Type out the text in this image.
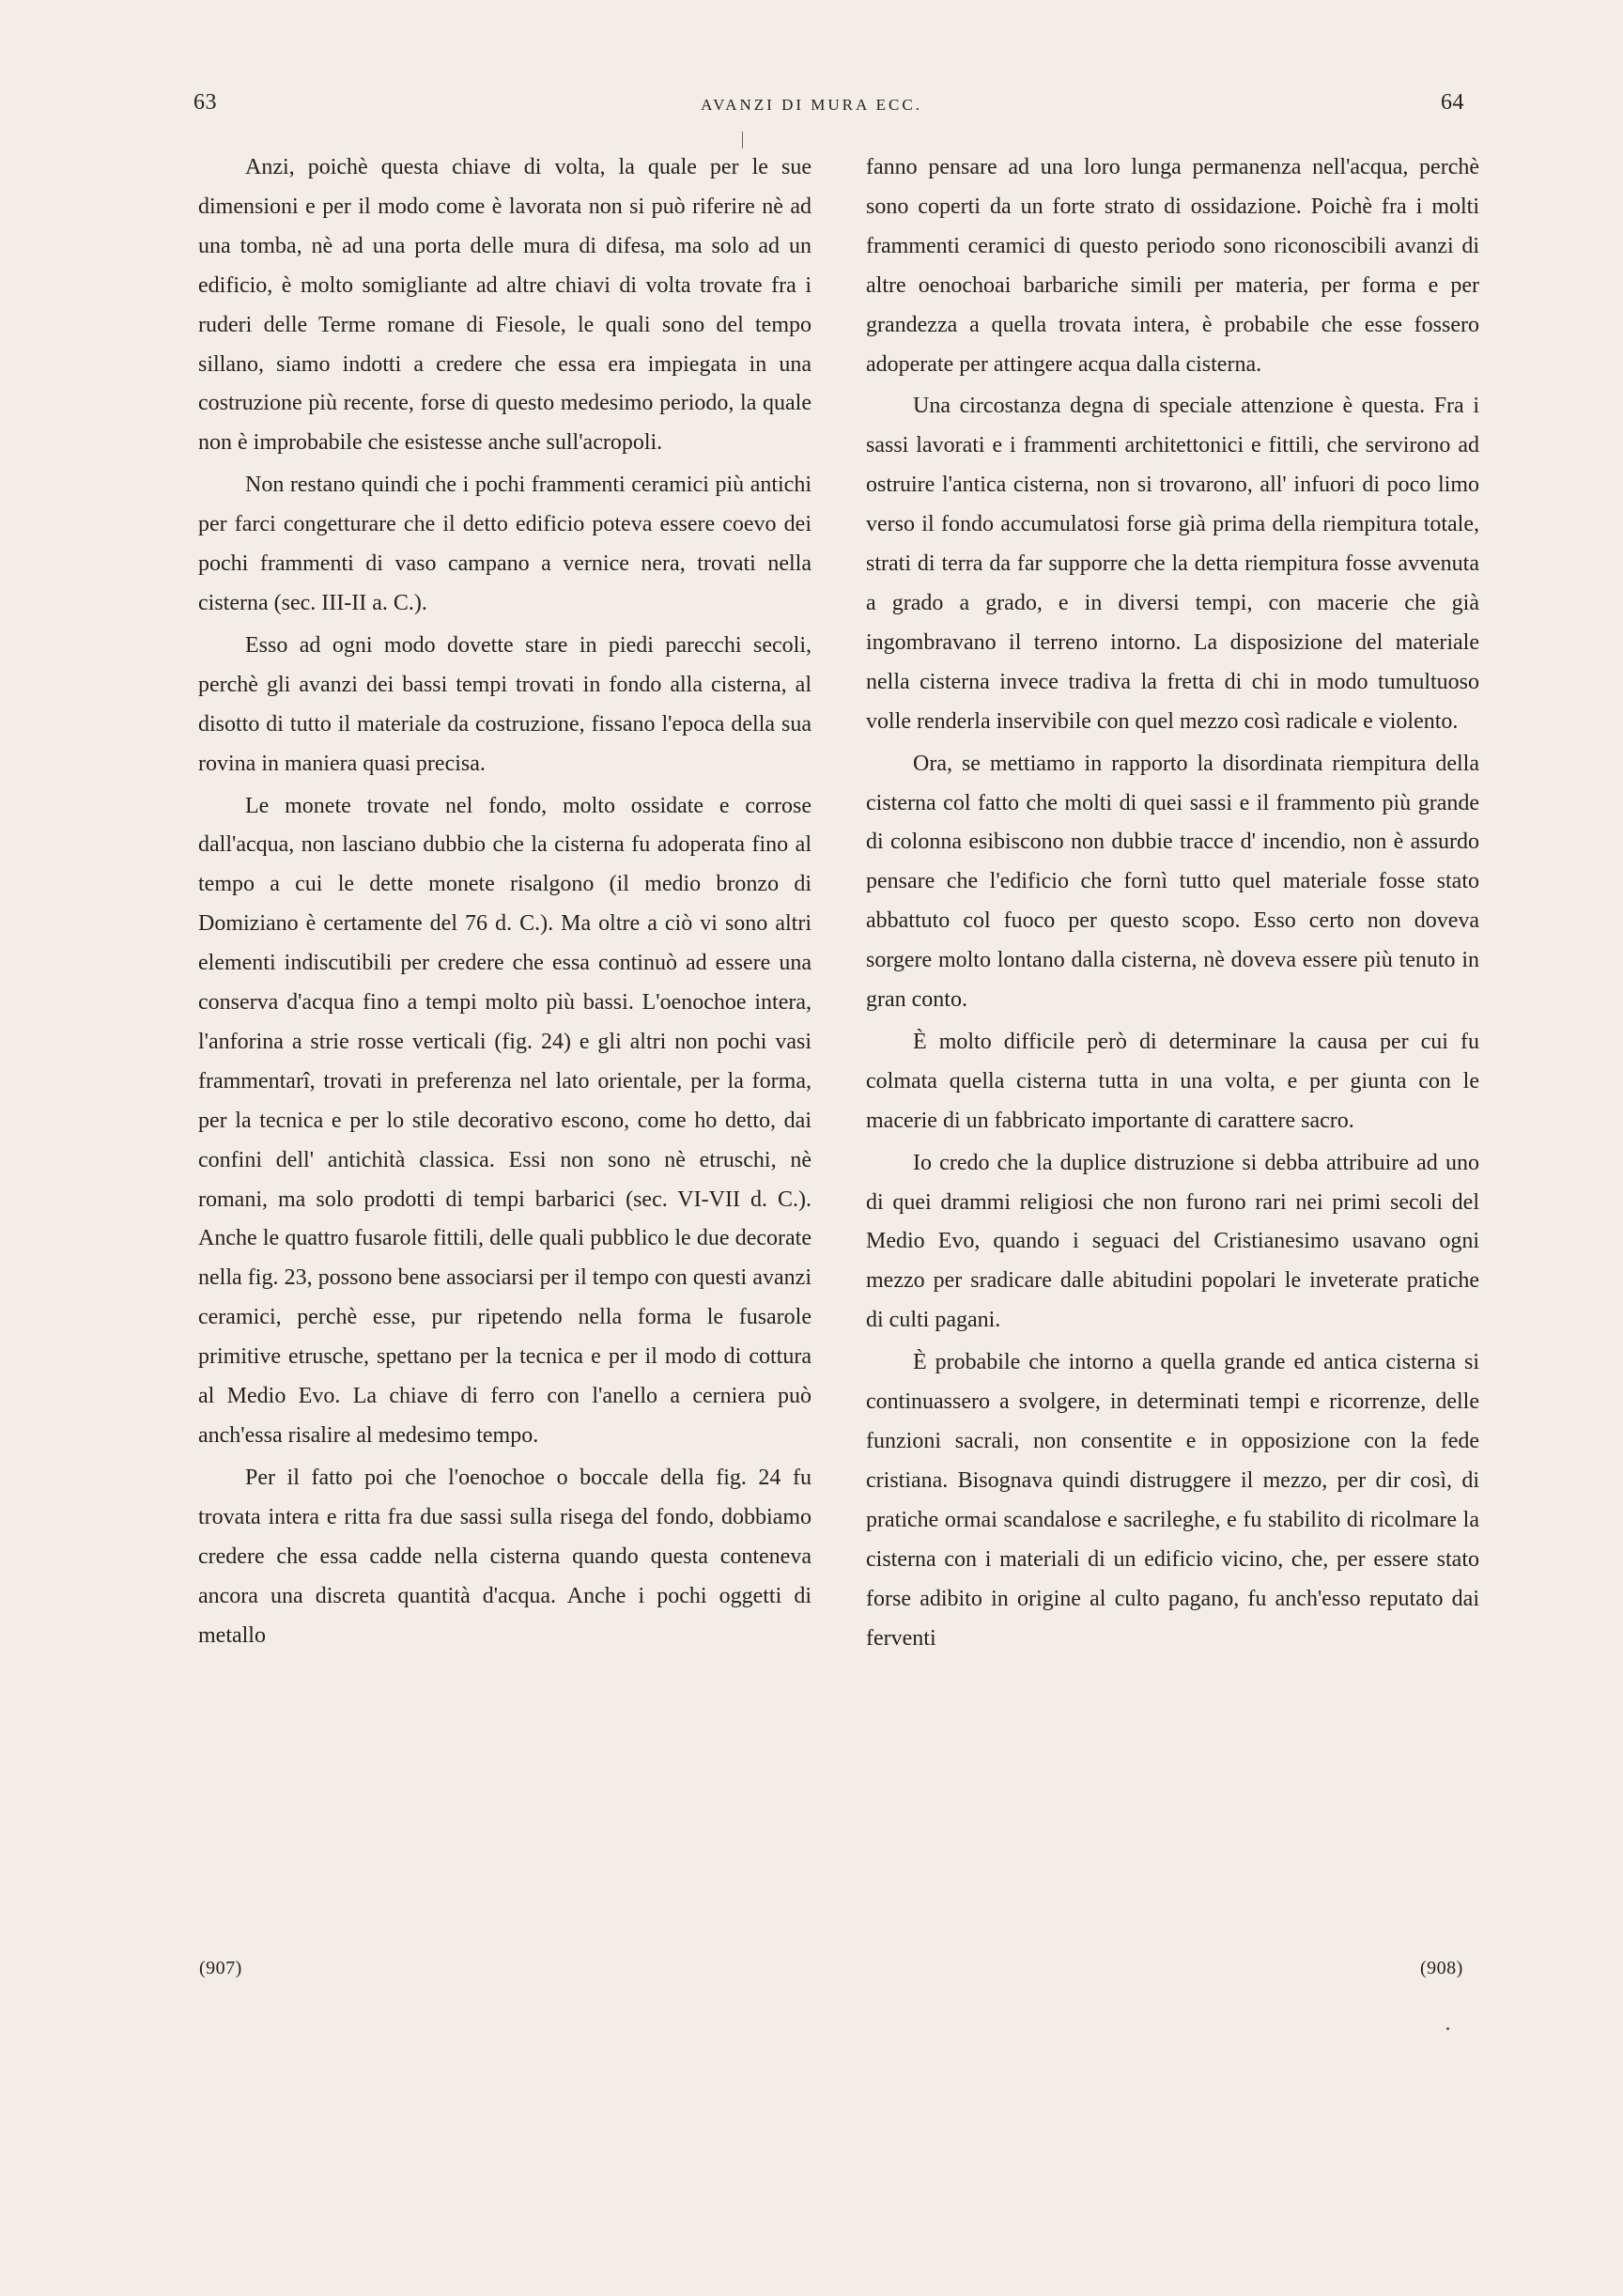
63	AVANZI DI MURA ECC.	64

Anzi, poichè questa chiave di volta, la quale per le sue dimensioni e per il modo come è lavorata non si può riferire nè ad una tomba, nè ad una porta delle mura di difesa, ma solo ad un edificio, è molto somigliante ad altre chiavi di volta trovate fra i ruderi delle Terme romane di Fiesole, le quali sono del tempo sillano, siamo indotti a credere che essa era impiegata in una costruzione più recente, forse di questo medesimo periodo, la quale non è improbabile che esistesse anche sull'acropoli.

Non restano quindi che i pochi frammenti ceramici più antichi per farci congetturare che il detto edificio poteva essere coevo dei pochi frammenti di vaso campano a vernice nera, trovati nella cisterna (sec. III-II a. C.).

Esso ad ogni modo dovette stare in piedi parecchi secoli, perchè gli avanzi dei bassi tempi trovati in fondo alla cisterna, al disotto di tutto il materiale da costruzione, fissano l'epoca della sua rovina in maniera quasi precisa.

Le monete trovate nel fondo, molto ossidate e corrose dall'acqua, non lasciano dubbio che la cisterna fu adoperata fino al tempo a cui le dette monete risalgono (il medio bronzo di Domiziano è certamente del 76 d. C.). Ma oltre a ciò vi sono altri elementi indiscutibili per credere che essa continuò ad essere una conserva d'acqua fino a tempi molto più bassi. L'oenochoe intera, l'anforina a strie rosse verticali (fig. 24) e gli altri non pochi vasi frammentarî, trovati in preferenza nel lato orientale, per la forma, per la tecnica e per lo stile decorativo escono, come ho detto, dai confini dell' antichità classica. Essi non sono nè etruschi, nè romani, ma solo prodotti di tempi barbarici (sec. VI-VII d. C.). Anche le quattro fusarole fittili, delle quali pubblico le due decorate nella fig. 23, possono bene associarsi per il tempo con questi avanzi ceramici, perchè esse, pur ripetendo nella forma le fusarole primitive etrusche, spettano per la tecnica e per il modo di cottura al Medio Evo. La chiave di ferro con l'anello a cerniera può anch'essa risalire al medesimo tempo.

Per il fatto poi che l'oenochoe o boccale della fig. 24 fu trovata intera e ritta fra due sassi sulla risega del fondo, dobbiamo credere che essa cadde nella cisterna quando questa conteneva ancora una discreta quantità d'acqua. Anche i pochi oggetti di metallo

fanno pensare ad una loro lunga permanenza nell'acqua, perchè sono coperti da un forte strato di ossidazione. Poichè fra i molti frammenti ceramici di questo periodo sono riconoscibili avanzi di altre oenochoai barbariche simili per materia, per forma e per grandezza a quella trovata intera, è probabile che esse fossero adoperate per attingere acqua dalla cisterna.

Una circostanza degna di speciale attenzione è questa. Fra i sassi lavorati e i frammenti architettonici e fittili, che servirono ad ostruire l'antica cisterna, non si trovarono, all' infuori di poco limo verso il fondo accumulatosi forse già prima della riempitura totale, strati di terra da far supporre che la detta riempitura fosse avvenuta a grado a grado, e in diversi tempi, con macerie che già ingombravano il terreno intorno. La disposizione del materiale nella cisterna invece tradiva la fretta di chi in modo tumultuoso volle renderla inservibile con quel mezzo così radicale e violento.

Ora, se mettiamo in rapporto la disordinata riempitura della cisterna col fatto che molti di quei sassi e il frammento più grande di colonna esibiscono non dubbie tracce d' incendio, non è assurdo pensare che l'edificio che fornì tutto quel materiale fosse stato abbattuto col fuoco per questo scopo. Esso certo non doveva sorgere molto lontano dalla cisterna, nè doveva essere più tenuto in gran conto.

È molto difficile però di determinare la causa per cui fu colmata quella cisterna tutta in una volta, e per giunta con le macerie di un fabbricato importante di carattere sacro.

Io credo che la duplice distruzione si debba attribuire ad uno di quei drammi religiosi che non furono rari nei primi secoli del Medio Evo, quando i seguaci del Cristianesimo usavano ogni mezzo per sradicare dalle abitudini popolari le inveterate pratiche di culti pagani.

È probabile che intorno a quella grande ed antica cisterna si continuassero a svolgere, in determinati tempi e ricorrenze, delle funzioni sacrali, non consentite e in opposizione con la fede cristiana. Bisognava quindi distruggere il mezzo, per dir così, di pratiche ormai scandalose e sacrileghe, e fu stabilito di ricolmare la cisterna con i materiali di un edificio vicino, che, per essere stato forse adibito in origine al culto pagano, fu anch'esso reputato dai ferventi

(907)	(908)
